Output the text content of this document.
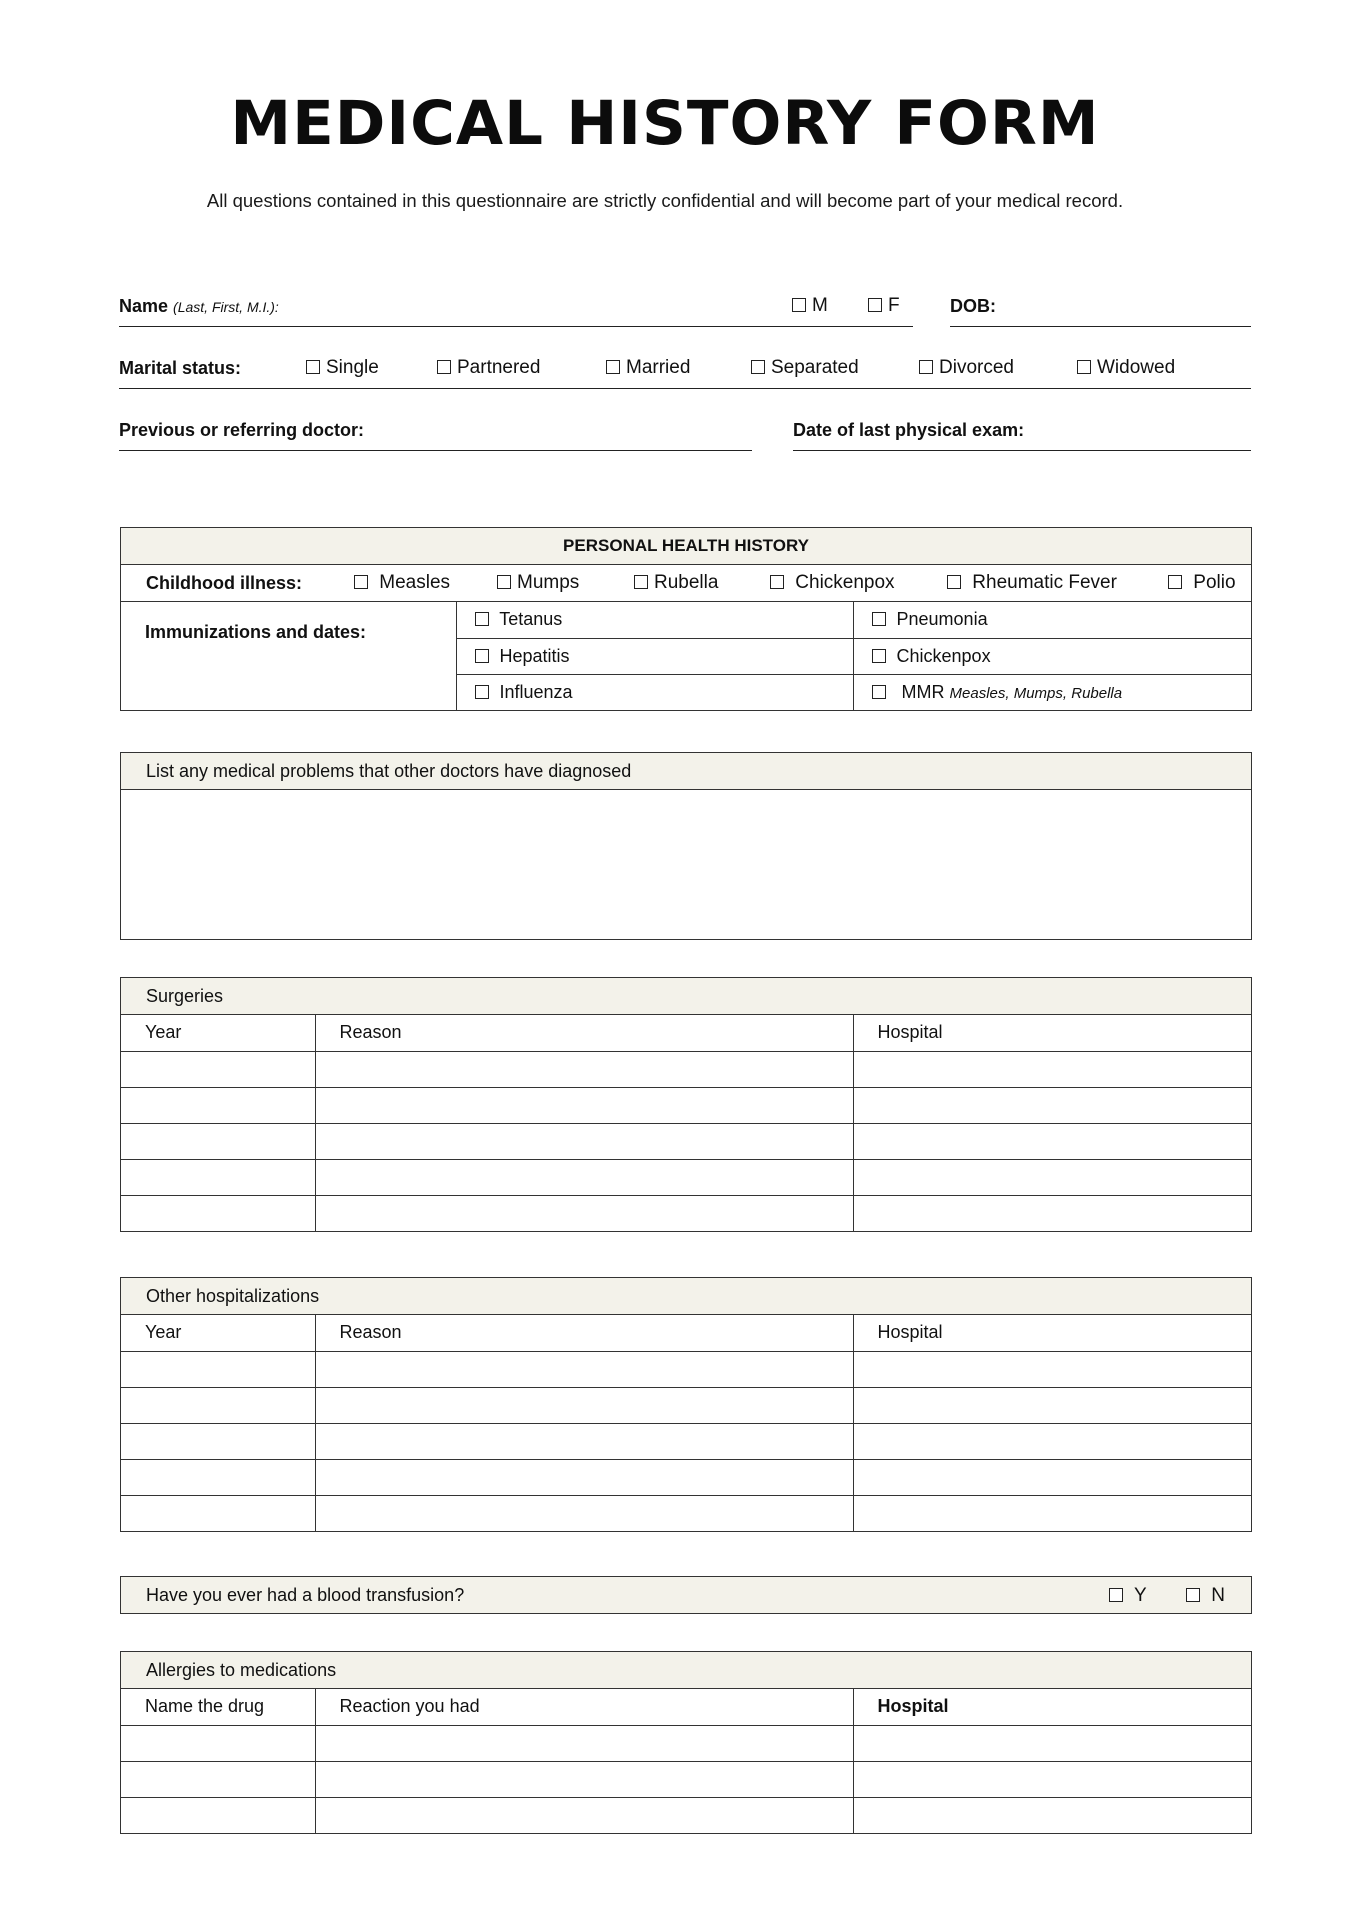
MEDICAL HISTORY FORM
All questions contained in this questionnaire are strictly confidential and will become part of your medical record.
Name (Last, First, M.I.):	M	F	DOB:
Marital status:	Single	Partnered	Married	Separated	Divorced	Widowed
Previous or referring doctor:	Date of last physical exam:
PERSONAL HEALTH HISTORY
Childhood illness:	Measles	Mumps	Rubella	Chickenpox	Rheumatic Fever	Polio
Immunizations and dates:	Tetanus	Pneumonia
	Hepatitis	Chickenpox
	Influenza	MMR Measles, Mumps, Rubella
List any medical problems that other doctors have diagnosed
Surgeries
Year	Reason	Hospital

Other hospitalizations
Year	Reason	Hospital

Have you ever had a blood transfusion?	Y	N
Allergies to medications
Name the drug	Reaction you had	Hospital
